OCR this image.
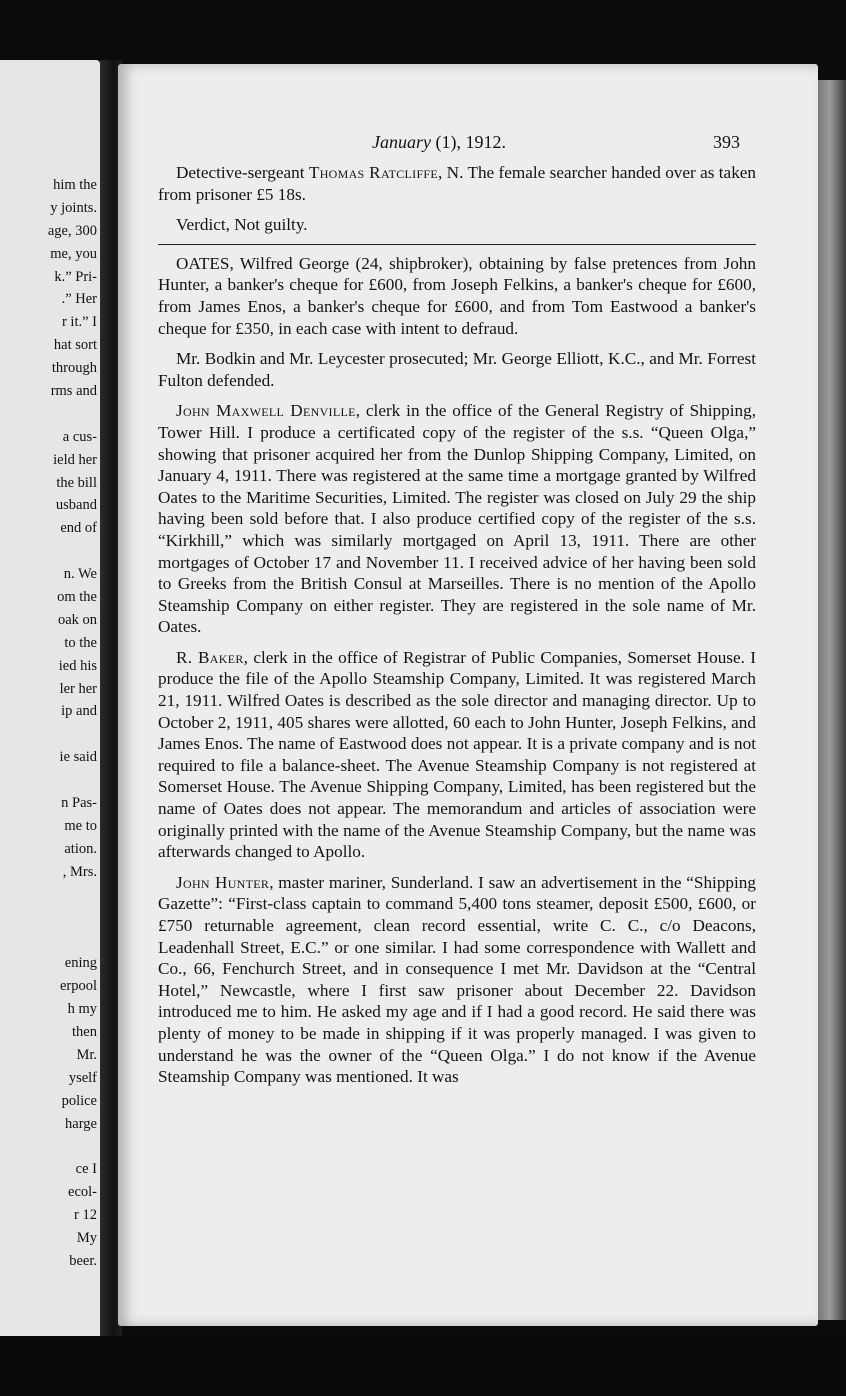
him the
y joints.
age, 300
me, you
k.” Pri-
.” Her
r it.” I
hat sort
through
rms and
a cus-
ield her
the bill
usband
end of
n. We
om the
oak on
to the
ied his
ler her
ip and
ie said
n Pas-
me to
ation.
, Mrs.
ening
erpool
h my
then
Mr.
yself
police
harge
ce I
ecol-
r 12
My
beer.
January (1), 1912.	393

Detective-sergeant Thomas Ratcliffe, N. The female searcher handed over as taken from prisoner £5 18s.

Verdict, Not guilty.

OATES, Wilfred George (24, shipbroker), obtaining by false pretences from John Hunter, a banker's cheque for £600, from Joseph Felkins, a banker's cheque for £600, from James Enos, a banker's cheque for £600, and from Tom Eastwood a banker's cheque for £350, in each case with intent to defraud.

Mr. Bodkin and Mr. Leycester prosecuted; Mr. George Elliott, K.C., and Mr. Forrest Fulton defended.

John Maxwell Denville, clerk in the office of the General Registry of Shipping, Tower Hill. I produce a certificated copy of the register of the s.s. “Queen Olga,” showing that prisoner acquired her from the Dunlop Shipping Company, Limited, on January 4, 1911. There was registered at the same time a mortgage granted by Wilfred Oates to the Maritime Securities, Limited. The register was closed on July 29 the ship having been sold before that. I also produce certified copy of the register of the s.s. “Kirkhill,” which was similarly mortgaged on April 13, 1911. There are other mortgages of October 17 and November 11. I received advice of her having been sold to Greeks from the British Consul at Marseilles. There is no mention of the Apollo Steamship Company on either register. They are registered in the sole name of Mr. Oates.

R. Baker, clerk in the office of Registrar of Public Companies, Somerset House. I produce the file of the Apollo Steamship Company, Limited. It was registered March 21, 1911. Wilfred Oates is described as the sole director and managing director. Up to October 2, 1911, 405 shares were allotted, 60 each to John Hunter, Joseph Felkins, and James Enos. The name of Eastwood does not appear. It is a private company and is not required to file a balance-sheet. The Avenue Steamship Company is not registered at Somerset House. The Avenue Shipping Company, Limited, has been registered but the name of Oates does not appear. The memorandum and articles of association were originally printed with the name of the Avenue Steamship Company, but the name was afterwards changed to Apollo.

John Hunter, master mariner, Sunderland. I saw an advertisement in the “Shipping Gazette”: “First-class captain to command 5,400 tons steamer, deposit £500, £600, or £750 returnable agreement, clean record essential, write C. C., c/o Deacons, Leadenhall Street, E.C.” or one similar. I had some correspondence with Wallett and Co., 66, Fenchurch Street, and in consequence I met Mr. Davidson at the “Central Hotel,” Newcastle, where I first saw prisoner about December 22. Davidson introduced me to him. He asked my age and if I had a good record. He said there was plenty of money to be made in shipping if it was properly managed. I was given to understand he was the owner of the “Queen Olga.” I do not know if the Avenue Steamship Company was mentioned. It was
